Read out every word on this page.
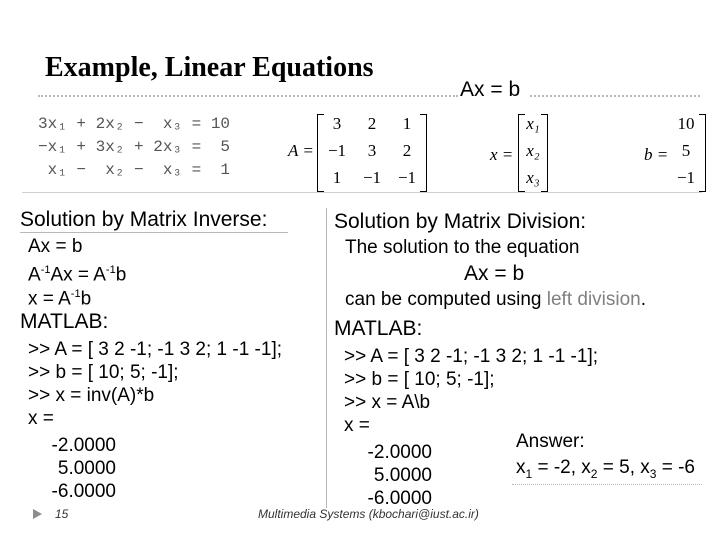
Example, Linear Equations
Ax = b
3x₁ + 2x₂ −  x₃ = 10
−x₁ + 3x₂ + 2x₃ =  5
x₁ −  x₂ −  x₃ =  1
A =
3	2	1
−1	3	2
1	−1 −1
x =
x₁
x₂
x₃
b =
10
5
−1
Solution by Matrix Inverse:
Ax = b
$A^{-1}Ax = A^{-1}b$
$x = A^{-1}b$
MATLAB:
>> A = [ 3 2 -1; -1 3 2; 1 -1 -1];
>> b = [ 10; 5; -1];
>> x = inv(A)*b
x =
-2.0000
5.0000
-6.0000
Solution by Matrix Division:
The solution to the equation
Ax = b
can be computed using left division.
MATLAB:
>> A = [ 3 2 -1; -1 3 2; 1 -1 -1];
>> b = [ 10; 5; -1];
>> x = A\b
x =
-2.0000
5.0000
-6.0000
Answer:
$x_1 = -2$, $x_2 = 5$, $x_3 = -6$
15	Multimedia Systems (kbochari@iust.ac.ir)
